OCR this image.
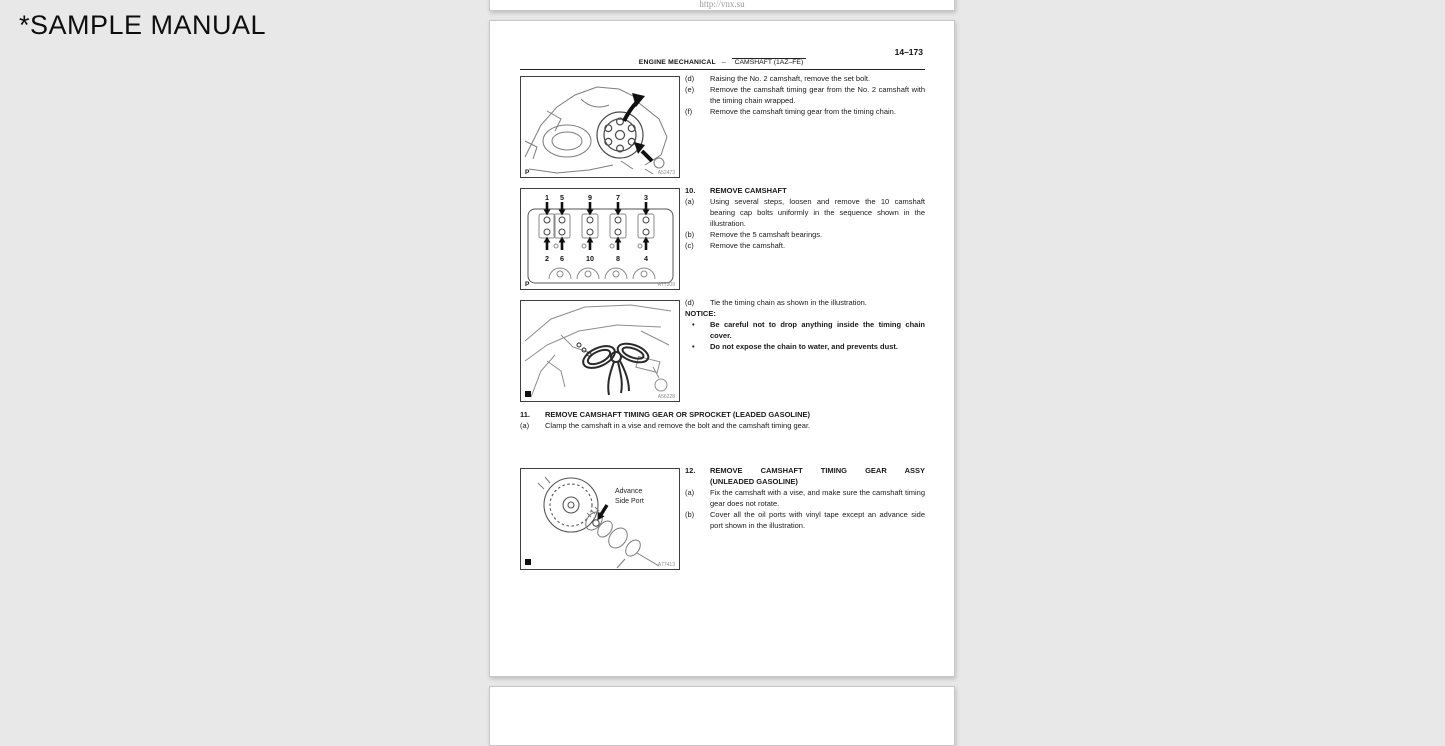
*SAMPLE MANUAL
http://vnx.su
14–173
ENGINE MECHANICAL – CAMSHAFT (1AZ–FE)
P	A52473
1 5	9	7	3
2 6	10	8	4
P	A77309
A56228
Advance
Side Port
A77413
(d)	Raising the No. 2 camshaft, remove the set bolt.
(e)	Remove the camshaft timing gear from the No. 2 camshaft with the timing chain wrapped.
(f)	Remove the camshaft timing gear from the timing chain.
10.	REMOVE CAMSHAFT
(a)	Using several steps, loosen and remove the 10 camshaft bearing cap bolts uniformly in the sequence shown in the illustration.
(b)	Remove the 5 camshaft bearings.
(c)	Remove the camshaft.
(d)	Tie the timing chain as shown in the illustration.
NOTICE:
•	Be careful not to drop anything inside the timing chain cover.
•	Do not expose the chain to water, and prevents dust.
11.	REMOVE CAMSHAFT TIMING GEAR OR SPROCKET (LEADED GASOLINE)
(a)	Clamp the camshaft in a vise and remove the bolt and the camshaft timing gear.
12.	REMOVE CAMSHAFT TIMING GEAR ASSY
(UNLEADED GASOLINE)
(a)	Fix the camshaft with a vise, and make sure the camshaft timing gear does not rotate.
(b)	Cover all the oil ports with vinyl tape except an advance side port shown in the illustration.
